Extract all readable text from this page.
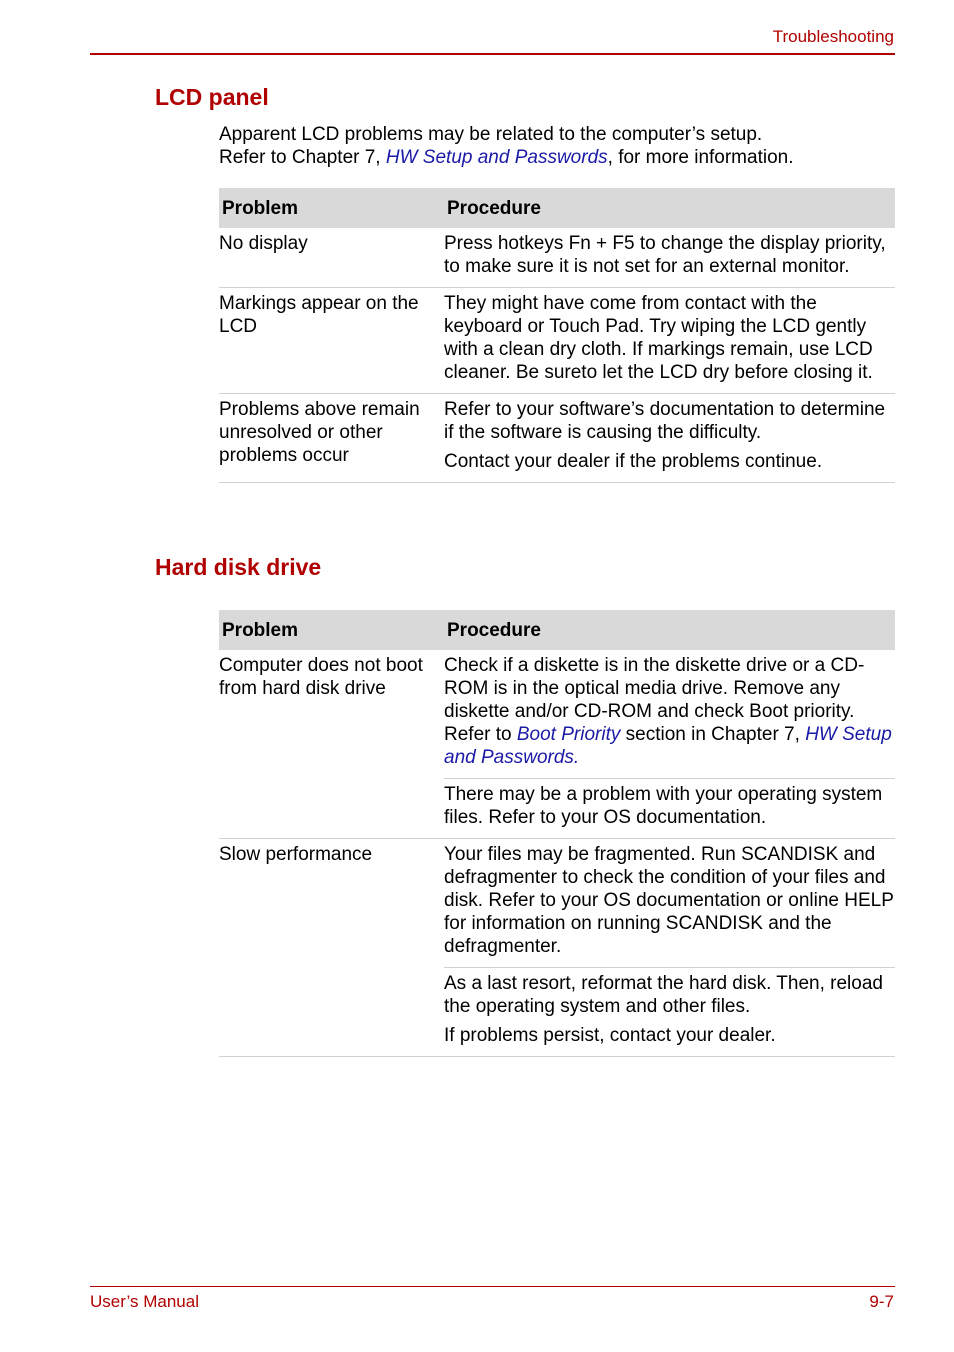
Troubleshooting
LCD panel
Apparent LCD problems may be related to the computer’s setup.
Refer to Chapter 7, HW Setup and Passwords, for more information.
Problem	Procedure
No display	Press hotkeys Fn + F5 to change the display priority, to make sure it is not set for an external monitor.

Markings appear on the LCD	They might have come from contact with the keyboard or Touch Pad. Try wiping the LCD gently with a clean dry cloth. If markings remain, use LCD cleaner. Be sureto let the LCD dry before closing it.

Problems above remain unresolved or other problems occur	Refer to your software’s documentation to determine if the software is causing the difficulty.

Contact your dealer if the problems continue.

Hard disk drive
Problem	Procedure
Computer does not boot from hard disk drive	Check if a diskette is in the diskette drive or a CD-ROM is in the optical media drive. Remove any diskette and/or CD-ROM and check Boot priority. Refer to Boot Priority section in Chapter 7, HW Setup and Passwords.

	There may be a problem with your operating system files. Refer to your OS documentation.

Slow performance	Your files may be fragmented. Run SCANDISK and defragmenter to check the condition of your files and disk. Refer to your OS documentation or online HELP for information on running SCANDISK and the defragmenter.

	As a last resort, reformat the hard disk. Then, reload the operating system and other files.

If problems persist, contact your dealer.

User’s Manual	9-7
